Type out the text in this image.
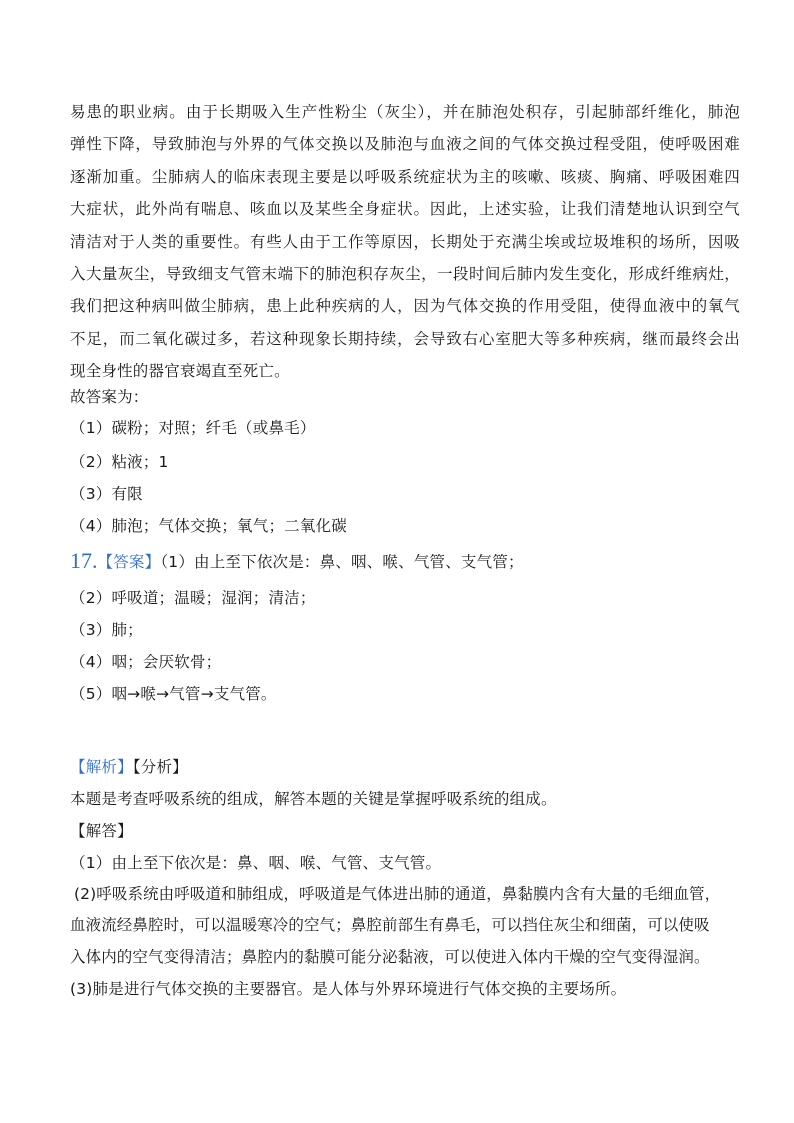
易患的职业病。由于长期吸入生产性粉尘（灰尘），并在肺泡处积存，引起肺部纤维化，肺泡
弹性下降，导致肺泡与外界的气体交换以及肺泡与血液之间的气体交换过程受阻，使呼吸困难
逐渐加重。尘肺病人的临床表现主要是以呼吸系统症状为主的咳嗽、咳痰、胸痛、呼吸困难四
大症状，此外尚有喘息、咳血以及某些全身症状。因此，上述实验，让我们清楚地认识到空气
清洁对于人类的重要性。有些人由于工作等原因，长期处于充满尘埃或垃圾堆积的场所，因吸
入大量灰尘，导致细支气管末端下的肺泡积存灰尘，一段时间后肺内发生变化，形成纤维病灶，
我们把这种病叫做尘肺病，患上此种疾病的人，因为气体交换的作用受阻，使得血液中的氧气
不足，而二氧化碳过多，若这种现象长期持续，会导致右心室肥大等多种疾病，继而最终会出
现全身性的器官衰竭直至死亡。
故答案为：
（1）碳粉；对照；纤毛（或鼻毛）
（2）粘液；1
（3）有限
（4）肺泡；气体交换；氧气；二氧化碳
17.【答案】（1）由上至下依次是：鼻、咽、喉、气管、支气管；
（2）呼吸道；温暖；湿润；清洁；
（3）肺；
（4）咽；会厌软骨；
（5）咽→喉→气管→支气管。
【解析】【分析】
本题是考查呼吸系统的组成，解答本题的关键是掌握呼吸系统的组成。
【解答】
（1）由上至下依次是：鼻、咽、喉、气管、支气管。
(2)呼吸系统由呼吸道和肺组成，呼吸道是气体进出肺的通道，鼻黏膜内含有大量的毛细血管，
血液流经鼻腔时，可以温暖寒冷的空气；鼻腔前部生有鼻毛，可以挡住灰尘和细菌，可以使吸
入体内的空气变得清洁；鼻腔内的黏膜可能分泌黏液，可以使进入体内干燥的空气变得湿润。
(3)肺是进行气体交换的主要器官。是人体与外界环境进行气体交换的主要场所。
